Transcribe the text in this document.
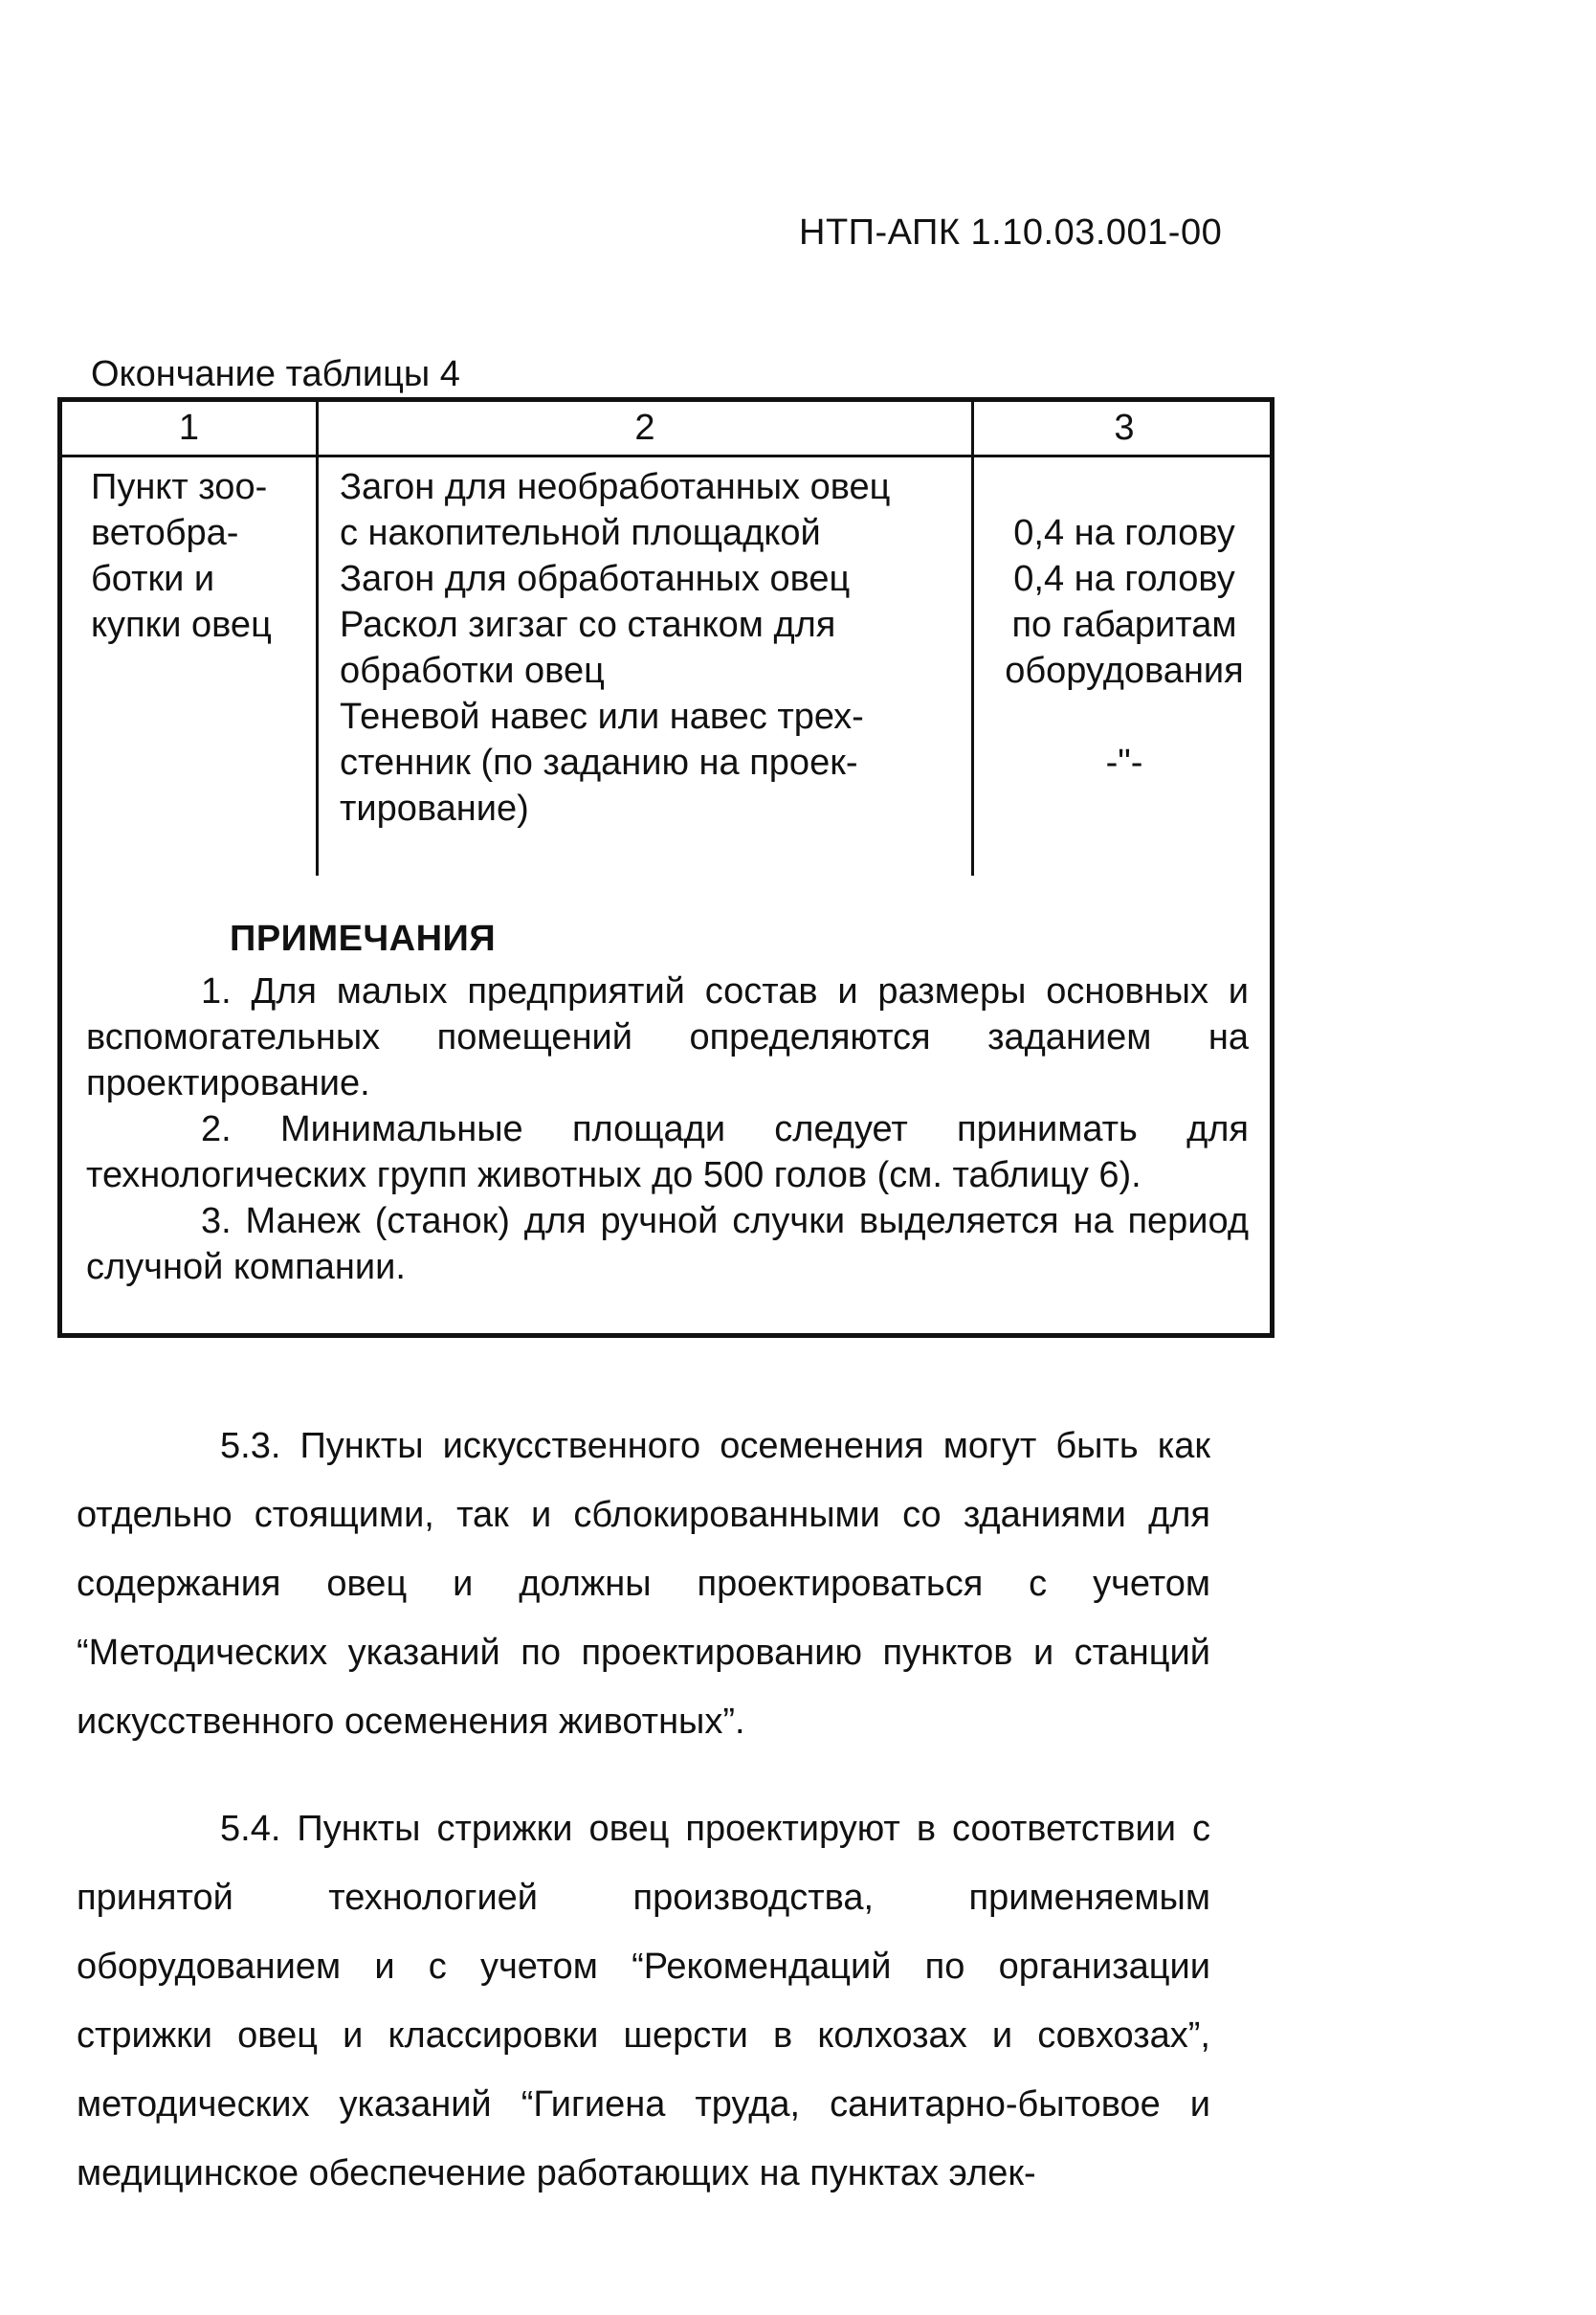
НТП-АПК 1.10.03.001-00
Окончание таблицы 4
1	2	3
Пункт зоо-
ветобра-
ботки и
купки овец
Загон для необработанных овец
с накопительной площадкой
Загон для обработанных овец
Раскол зигзаг со станком для
обработки овец
Теневой навес или навес трех-
стенник (по заданию на проек-
тирование)
0,4 на голову
0,4 на голову
по габаритам
оборудования
-"-
ПРИМЕЧАНИЯ
1. Для малых предприятий состав и размеры основных и вспомогательных помещений определяются заданием на проектирование.
2. Минимальные площади следует принимать для технологических групп животных до 500 голов (см. таблицу 6).
3. Манеж (станок) для ручной случки выделяется на период случной компании.
5.3. Пункты искусственного осеменения могут быть как отдельно стоящими, так и сблокированными со зданиями для содержания овец и должны проектироваться с учетом “Методических указаний по проектированию пунктов и станций искусственного осеменения животных”.
5.4. Пункты стрижки овец проектируют в соответствии с принятой технологией производства, применяемым оборудованием и с учетом “Рекомендаций по организации стрижки овец и классировки шерсти в колхозах и совхозах”, методических указаний “Гигиена труда, санитарно-бытовое и медицинское обеспечение работающих на пунктах элек-
